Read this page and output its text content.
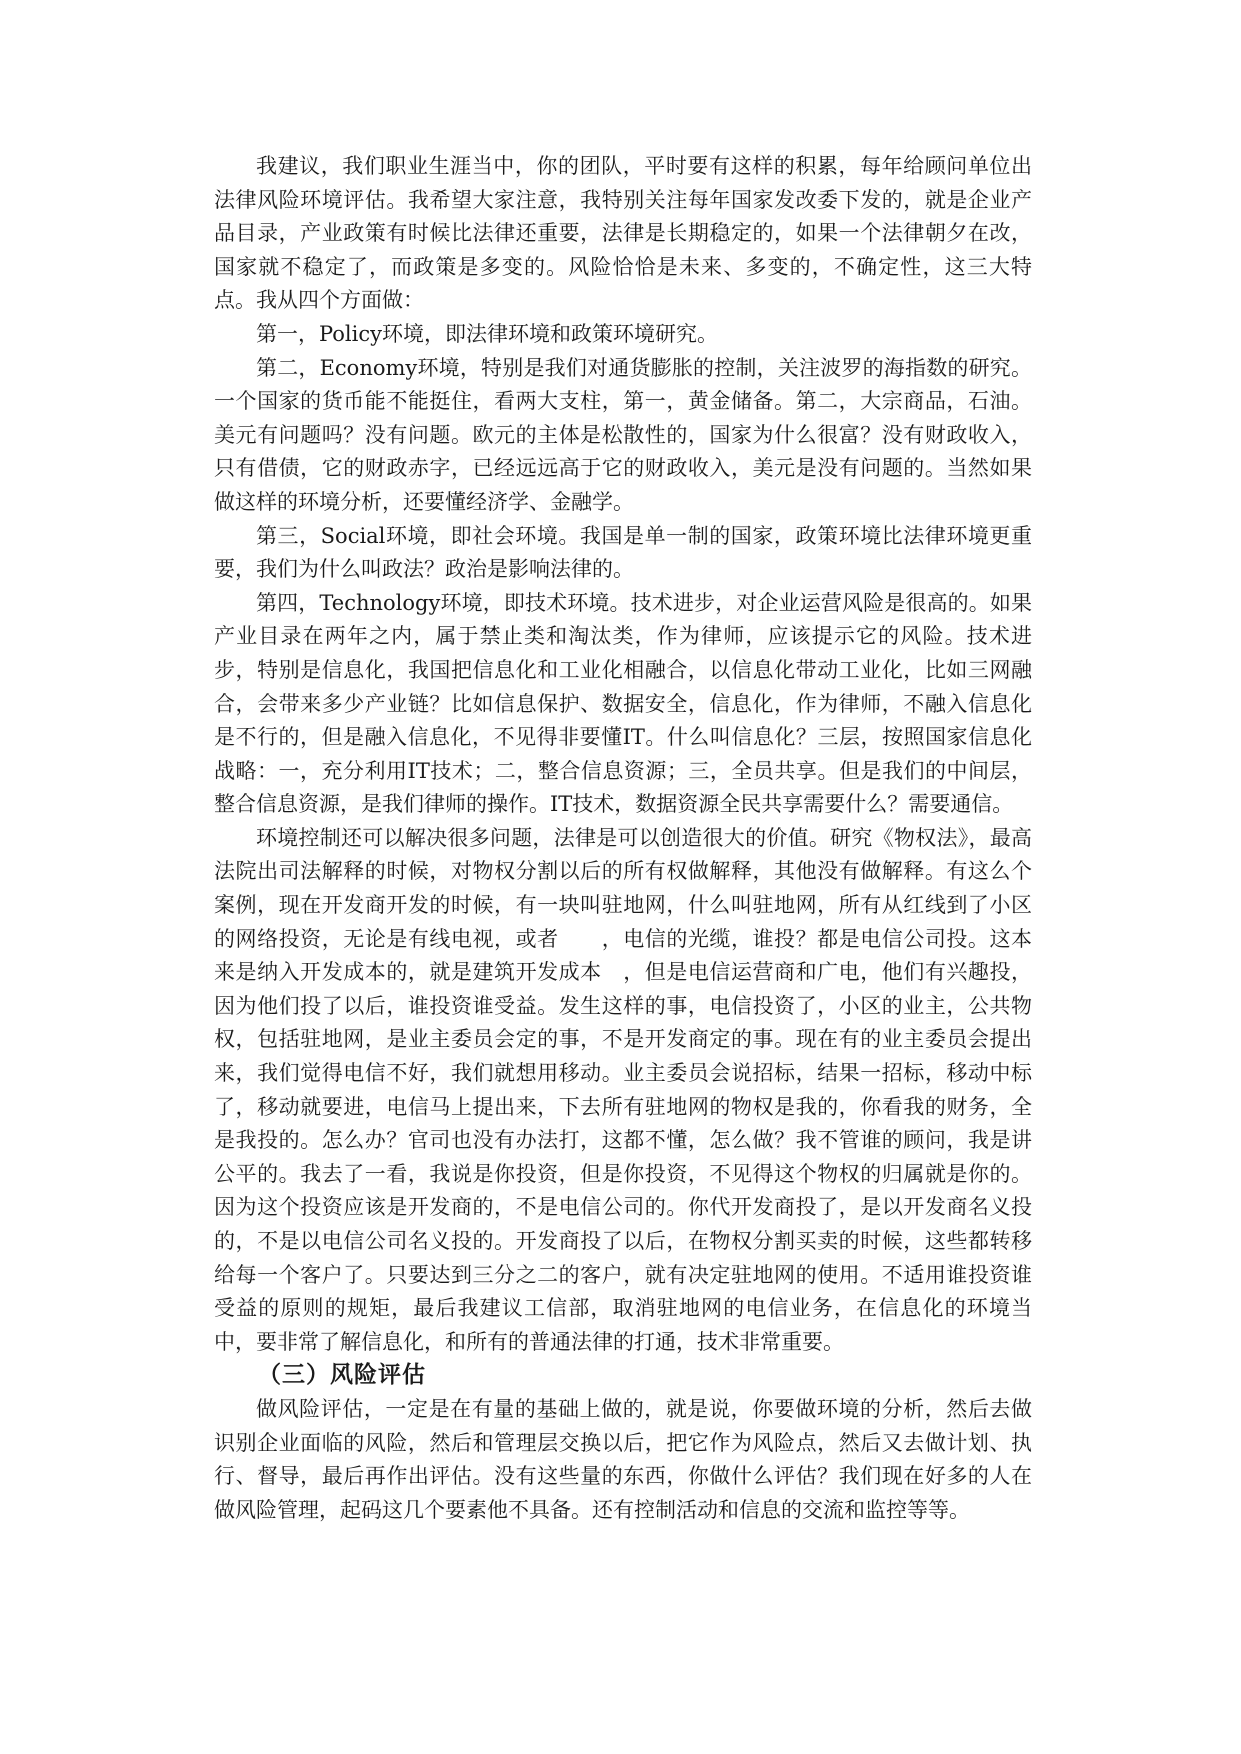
我建议，我们职业生涯当中，你的团队，平时要有这样的积累，每年给顾问单位出法律风险环境评估。我希望大家注意，我特别关注每年国家发改委下发的，就是企业产品目录，产业政策有时候比法律还重要，法律是长期稳定的，如果一个法律朝夕在改，国家就不稳定了，而政策是多变的。风险恰恰是未来、多变的，不确定性，这三大特点。我从四个方面做：

第一，Policy环境，即法律环境和政策环境研究。

第二，Economy环境，特别是我们对通货膨胀的控制，关注波罗的海指数的研究。一个国家的货币能不能挺住，看两大支柱，第一，黄金储备。第二，大宗商品，石油。美元有问题吗？没有问题。欧元的主体是松散性的，国家为什么很富？没有财政收入，只有借债，它的财政赤字，已经远远高于它的财政收入，美元是没有问题的。当然如果做这样的环境分析，还要懂经济学、金融学。

第三，Social环境，即社会环境。我国是单一制的国家，政策环境比法律环境更重要，我们为什么叫政法？政治是影响法律的。

第四，Technology环境，即技术环境。技术进步，对企业运营风险是很高的。如果产业目录在两年之内，属于禁止类和淘汰类，作为律师，应该提示它的风险。技术进步，特别是信息化，我国把信息化和工业化相融合，以信息化带动工业化，比如三网融合，会带来多少产业链？比如信息保护、数据安全，信息化，作为律师，不融入信息化是不行的，但是融入信息化，不见得非要懂IT。什么叫信息化？三层，按照国家信息化战略：一，充分利用IT技术；二，整合信息资源；三，全员共享。但是我们的中间层，整合信息资源，是我们律师的操作。IT技术，数据资源全民共享需要什么？需要通信。

环境控制还可以解决很多问题，法律是可以创造很大的价值。研究《物权法》，最高法院出司法解释的时候，对物权分割以后的所有权做解释，其他没有做解释。有这么个案例，现在开发商开发的时候，有一块叫驻地网，什么叫驻地网，所有从红线到了小区的网络投资，无论是有线电视，或者　　，电信的光缆，谁投？都是电信公司投。这本来是纳入开发成本的，就是建筑开发成本　，但是电信运营商和广电，他们有兴趣投，因为他们投了以后，谁投资谁受益。发生这样的事，电信投资了，小区的业主，公共物权，包括驻地网，是业主委员会定的事，不是开发商定的事。现在有的业主委员会提出来，我们觉得电信不好，我们就想用移动。业主委员会说招标，结果一招标，移动中标了，移动就要进，电信马上提出来，下去所有驻地网的物权是我的，你看我的财务，全是我投的。怎么办？官司也没有办法打，这都不懂，怎么做？我不管谁的顾问，我是讲公平的。我去了一看，我说是你投资，但是你投资，不见得这个物权的归属就是你的。因为这个投资应该是开发商的，不是电信公司的。你代开发商投了，是以开发商名义投的，不是以电信公司名义投的。开发商投了以后，在物权分割买卖的时候，这些都转移给每一个客户了。只要达到三分之二的客户，就有决定驻地网的使用。不适用谁投资谁受益的原则的规矩，最后我建议工信部，取消驻地网的电信业务，在信息化的环境当中，要非常了解信息化，和所有的普通法律的打通，技术非常重要。

（三）风险评估

做风险评估，一定是在有量的基础上做的，就是说，你要做环境的分析，然后去做识别企业面临的风险，然后和管理层交换以后，把它作为风险点，然后又去做计划、执行、督导，最后再作出评估。没有这些量的东西，你做什么评估？我们现在好多的人在做风险管理，起码这几个要素他不具备。还有控制活动和信息的交流和监控等等。
